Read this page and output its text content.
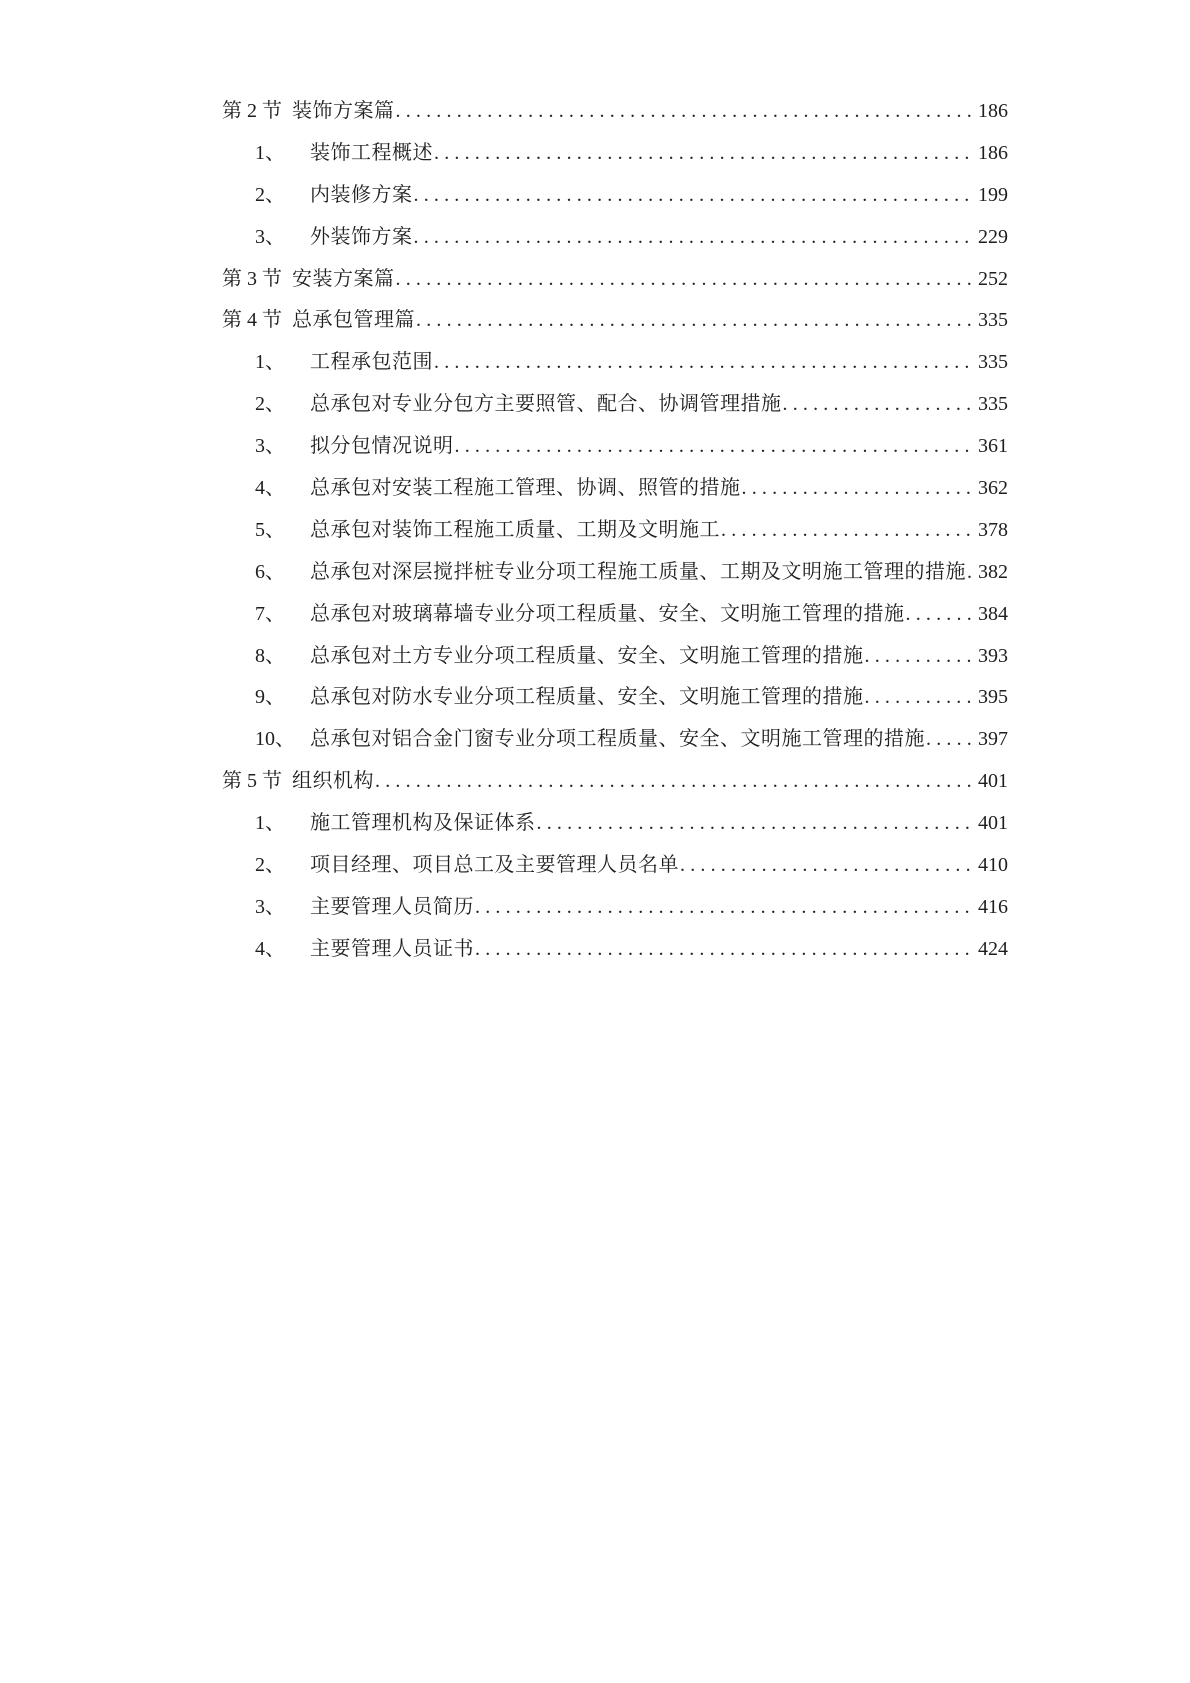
第 2 节 装饰方案篇 .....	186
1、	装饰工程概述 .....	186
2、	内装修方案 .....	199
3、	外装饰方案 .....	229
第 3 节 安装方案篇 .....	252
第 4 节 总承包管理篇 .....	335
1、	工程承包范围 .....	335
2、	总承包对专业分包方主要照管、配合、协调管理措施 .....	335
3、	拟分包情况说明 .....	361
4、	总承包对安装工程施工管理、协调、照管的措施 .....	362
5、	总承包对装饰工程施工质量、工期及文明施工 .....	378
6、	总承包对深层搅拌桩专业分项工程施工质量、工期及文明施工管理的措施 ..... 382
7、	总承包对玻璃幕墙专业分项工程质量、安全、文明施工管理的措施 .....	384
8、	总承包对土方专业分项工程质量、安全、文明施工管理的措施 .....	393
9、	总承包对防水专业分项工程质量、安全、文明施工管理的措施 .....	395
10、 总承包对铝合金门窗专业分项工程质量、安全、文明施工管理的措施 .....	397
第 5 节 组织机构 .....	401
1、	施工管理机构及保证体系 .....	401
2、	项目经理、项目总工及主要管理人员名单 .....	410
3、	主要管理人员简历 .....	416
4、	主要管理人员证书 .....	424
